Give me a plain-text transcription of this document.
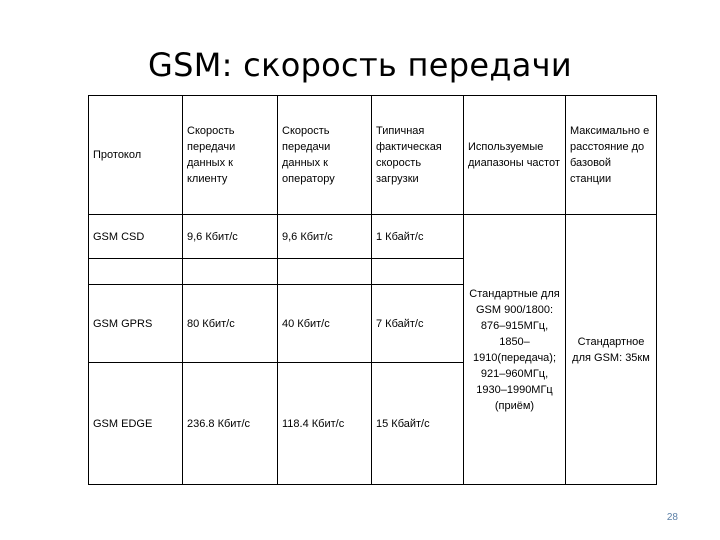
GSM: скорость передачи
Протокол	Скорость передачи данных к клиенту	Скорость передачи данных к оператору	Типичная фактическая скорость загрузки	Используемые диапазоны частот	Максимально е расстояние до базовой станции
GSM CSD	9,6 Кбит/с	9,6 Кбит/с	1 Кбайт/с	Стандартные для GSM 900/1800: 876–915МГц, 1850–1910(передача); 921–960МГц, 1930–1990МГц (приём)	Стандартное для GSM: 35км

GSM GPRS	80 Кбит/с	40 Кбит/с	7 Кбайт/с		
GSM EDGE	236.8 Кбит/с	118.4 Кбит/с	15 Кбайт/с		
28
